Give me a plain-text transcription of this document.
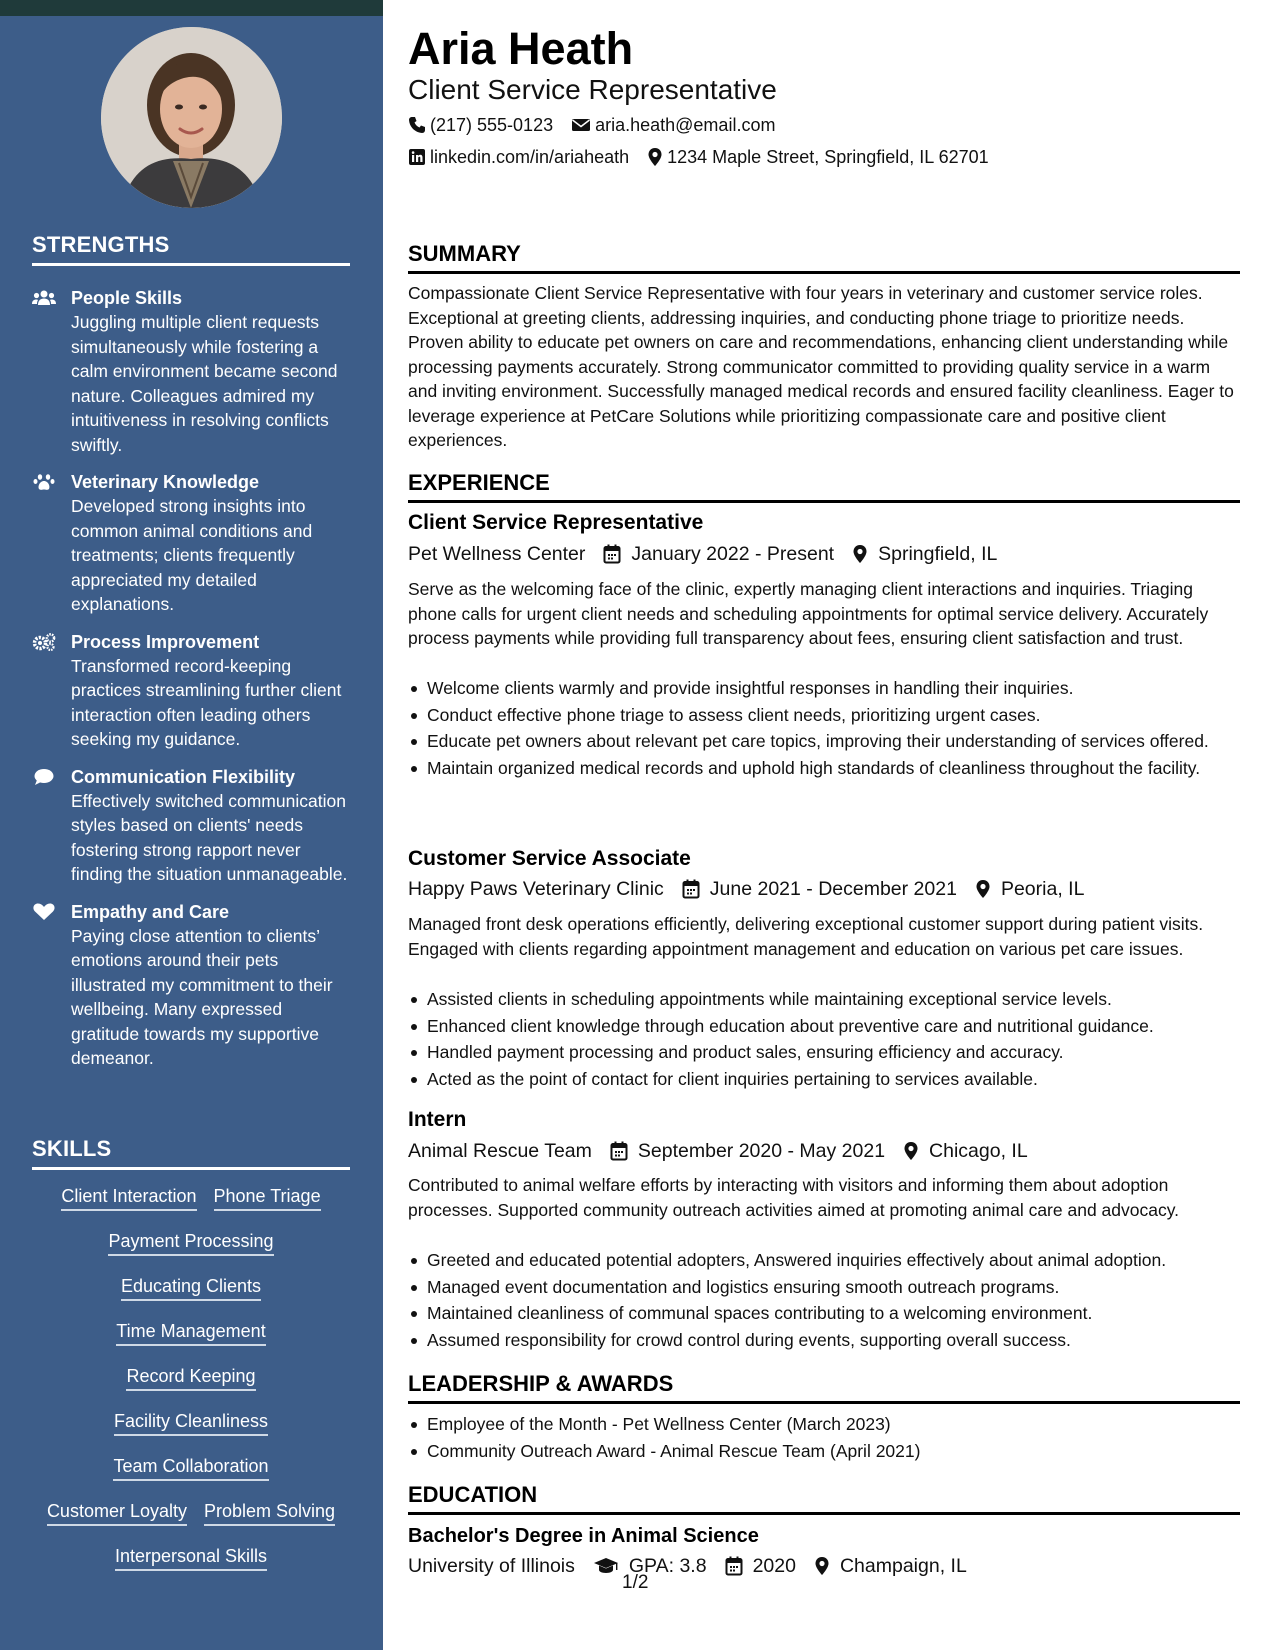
STRENGTHS
People Skills
Juggling multiple client requests simultaneously while fostering a calm environment became second nature. Colleagues admired my intuitiveness in resolving conflicts swiftly.
Veterinary Knowledge
Developed strong insights into common animal conditions and treatments; clients frequently appreciated my detailed explanations.
Process Improvement
Transformed record-keeping practices streamlining further client interaction often leading others seeking my guidance.
Communication Flexibility
Effectively switched communication styles based on clients' needs fostering strong rapport never finding the situation unmanageable.
Empathy and Care
Paying close attention to clients’ emotions around their pets illustrated my commitment to their wellbeing. Many expressed gratitude towards my supportive demeanor.
SKILLS
Client Interaction Phone Triage
Payment Processing
Educating Clients
Time Management
Record Keeping
Facility Cleanliness
Team Collaboration
Customer Loyalty Problem Solving
Interpersonal Skills
Aria Heath
Client Service Representative
(217) 555-0123 aria.heath@email.com
linkedin.com/in/ariaheath 1234 Maple Street, Springfield, IL 62701
SUMMARY
Compassionate Client Service Representative with four years in veterinary and customer service roles. Exceptional at greeting clients, addressing inquiries, and conducting phone triage to prioritize needs. Proven ability to educate pet owners on care and recommendations, enhancing client understanding while processing payments accurately. Strong communicator committed to providing quality service in a warm and inviting environment. Successfully managed medical records and ensured facility cleanliness. Eager to leverage experience at PetCare Solutions while prioritizing compassionate care and positive client experiences.
EXPERIENCE
Client Service Representative
Pet Wellness Center January 2022 - Present Springfield, IL
Serve as the welcoming face of the clinic, expertly managing client interactions and inquiries. Triaging phone calls for urgent client needs and scheduling appointments for optimal service delivery. Accurately process payments while providing full transparency about fees, ensuring client satisfaction and trust.
Welcome clients warmly and provide insightful responses in handling their inquiries.
Conduct effective phone triage to assess client needs, prioritizing urgent cases.
Educate pet owners about relevant pet care topics, improving their understanding of services offered.
Maintain organized medical records and uphold high standards of cleanliness throughout the facility.
Customer Service Associate
Happy Paws Veterinary Clinic June 2021 - December 2021 Peoria, IL
Managed front desk operations efficiently, delivering exceptional customer support during patient visits. Engaged with clients regarding appointment management and education on various pet care issues.
Assisted clients in scheduling appointments while maintaining exceptional service levels.
Enhanced client knowledge through education about preventive care and nutritional guidance.
Handled payment processing and product sales, ensuring efficiency and accuracy.
Acted as the point of contact for client inquiries pertaining to services available.
Intern
Animal Rescue Team September 2020 - May 2021 Chicago, IL
Contributed to animal welfare efforts by interacting with visitors and informing them about adoption processes. Supported community outreach activities aimed at promoting animal care and advocacy.
Greeted and educated potential adopters, Answered inquiries effectively about animal adoption.
Managed event documentation and logistics ensuring smooth outreach programs.
Maintained cleanliness of communal spaces contributing to a welcoming environment.
Assumed responsibility for crowd control during events, supporting overall success.
LEADERSHIP & AWARDS
Employee of the Month - Pet Wellness Center (March 2023)
Community Outreach Award - Animal Rescue Team (April 2021)
EDUCATION
Bachelor's Degree in Animal Science
University of Illinois	GPA: 3.8 2020 Champaign, IL
1/2
